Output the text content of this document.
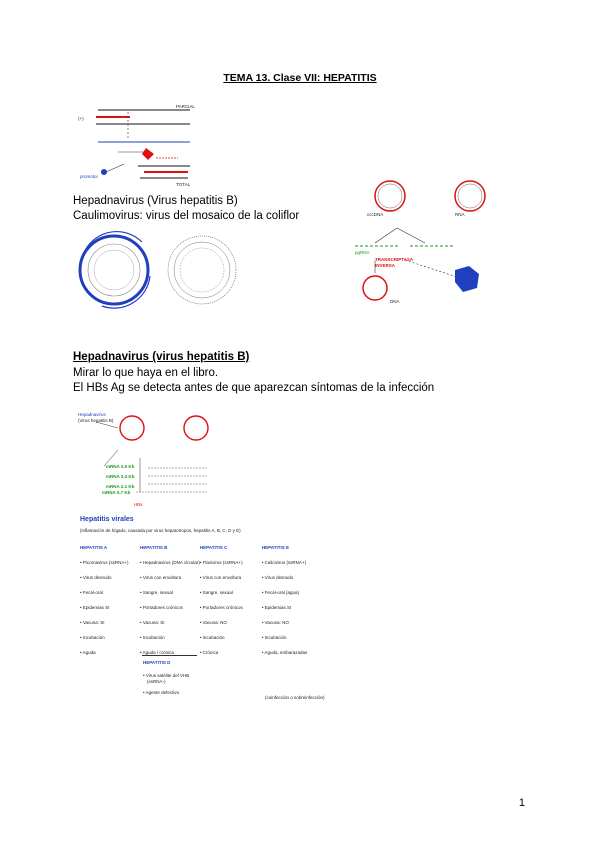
TEMA 13. Clase VII: HEPATITIS
PARCIAL
TOTAL
(+)
promotor
Hepadnavirus (Virus hepatitis B)
Caulimovirus: virus del mosaico de la coliflor	cccDNA	RNA
pgRNA
TRANSCRIPTASA
INVERSA
DNA
Hepadnavirus (virus hepatitis B)
Mirar lo que haya en el libro.
El HBs Ag se detecta antes de que aparezcan síntomas de la infección
Hepadnavirus
(Virus hepatitis B)
mRNA 3.5 Kb
mRNA 2.4 Kb
mRNA 2.1 Kb
mRNA 0.7 Kb
HBx
Hepatitis virales
(inflamación de hígado, causada por virus hepatotropos, hepatitis A, B, C, D y E)
HEPATITIS A	HEPATITIS B	HEPATITIS C	HEPATITIS E
• Picornavirus (ssRNA+)	• Hepadnavirus (DNA circular)	• Flavivirus (ssRNA+)	• Calicivirus (ssRNA+)
• Virus desnudo	• Virus con envoltura	• Virus con envoltura	• Virus desnudo
• Fecal-oral	• Sangre, sexual	• Sangre, sexual	• Fecal-oral (agua)
• Epidemias SI	• Portadores crónicos	• Portadores crónicos	• Epidemias SI
• Vacuna: SI	• Vacuna: SI	• Vacuna: NO	• Vacuna: NO
• Incubación	• Incubación	• Incubación	• Incubación
• Aguda	• Aguda / crónica	• Crónica	• Aguda, embarazadas
HEPATITIS D
• Virus satélite del VHB
(ssRNA-)
• Agente defectivo
(coinfección o sobreinfección)
1
